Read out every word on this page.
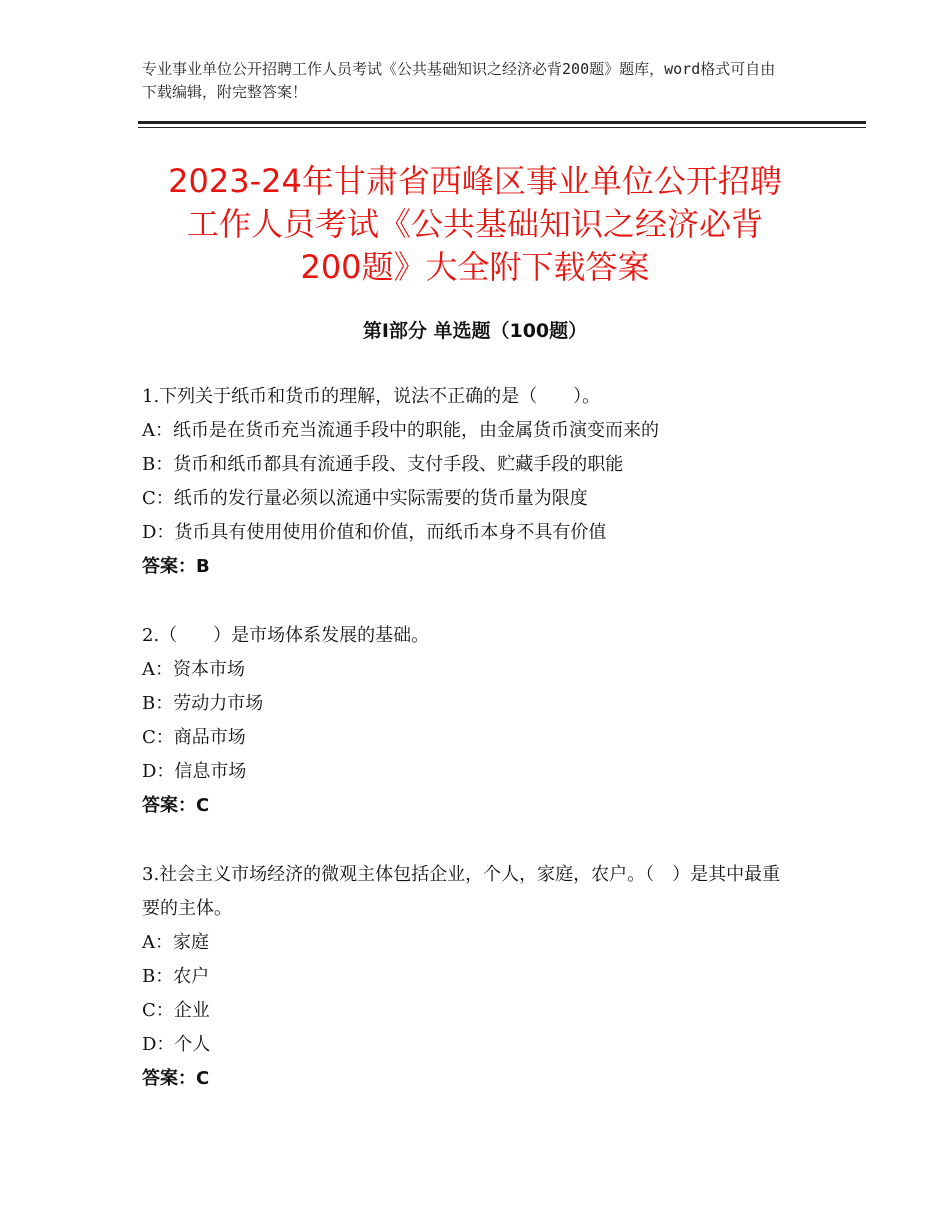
专业事业单位公开招聘工作人员考试《公共基础知识之经济必背200题》题库，word格式可自由下载编辑，附完整答案！
2023-24年甘肃省西峰区事业单位公开招聘
工作人员考试《公共基础知识之经济必背
200题》大全附下载答案
第Ⅰ部分 单选题（100题）
1.下列关于纸币和货币的理解，说法不正确的是（　　）。
A：纸币是在货币充当流通手段中的职能，由金属货币演变而来的
B：货币和纸币都具有流通手段、支付手段、贮藏手段的职能
C：纸币的发行量必须以流通中实际需要的货币量为限度
D：货币具有使用使用价值和价值，而纸币本身不具有价值
答案：B
2.（　　）是市场体系发展的基础。
A：资本市场
B：劳动力市场
C：商品市场
D：信息市场
答案：C
3.社会主义市场经济的微观主体包括企业，个人，家庭，农户。（　）是其中最重要的主体。
A：家庭
B：农户
C：企业
D：个人
答案：C
